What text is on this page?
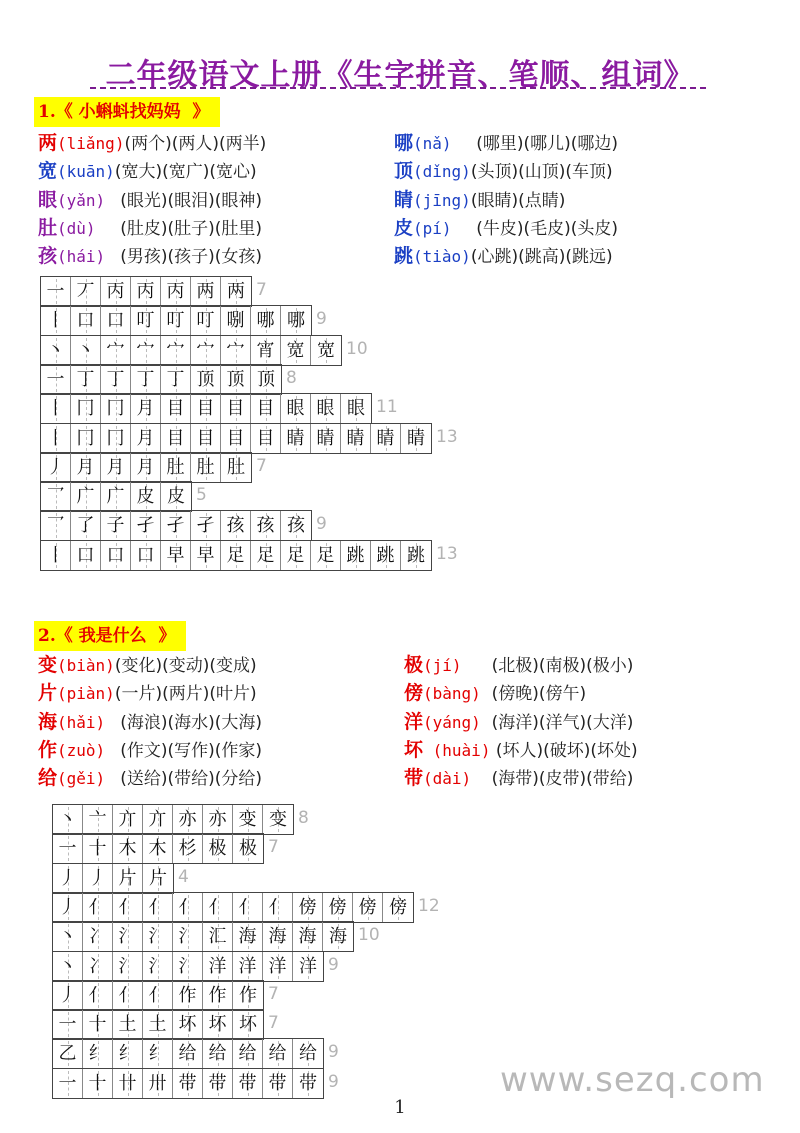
二年级语文上册《生字拼音、笔顺、组词》
1.《 小蝌蚪找妈妈  》
两(liǎng)(两个)(两人)(两半)
宽(kuān)(宽大)(宽广)(宽心)
眼(yǎn)  (眼光)(眼泪)(眼神)
肚(dù)   (肚皮)(肚子)(肚里)
孩(hái)  (男孩)(孩子)(女孩)
哪(nǎ)   (哪里)(哪儿)(哪边)
顶(dǐng)(头顶)(山顶)(车顶)
睛(jīng)(眼睛)(点睛)
皮(pí)   (牛皮)(毛皮)(头皮)
跳(tiào)(心跳)(跳高)(跳远)
一 丆 丙 丙 丙 两 两 7
丨 口 口 叮 叮 叮 哵 哪 哪 9
丶 丶 宀 宀 宀 宀 宀 宵 宽 宽 10
一 丁 丁 丁 丁 顶 顶 顶 8
丨 冂 冂 月 目 目 目 目 眼 眼 眼 11
丨 冂 冂 月 目 目 目 目 睛 睛 睛 睛 睛 13
丿 月 月 月 肚 肚 肚 7
乛 广 广 皮 皮 5
乛 了 子 孑 孑 孑 孩 孩 孩 9
丨 口 口 口 早 早 足 足 足 足 跳 跳 跳 13
2.《 我是什么  》
变(biàn)(变化)(变动)(变成)
片(piàn)(一片)(两片)(叶片)
海(hǎi)  (海浪)(海水)(大海)
作(zuò)  (作文)(写作)(作家)
给(gěi)  (送给)(带给)(分给)
极(jí)    (北极)(南极)(极小)
傍(bàng)  (傍晚)(傍午)
洋(yáng)  (海洋)(洋气)(大洋)
坏 (huài) (坏人)(破坏)(坏处)
带(dài)   (海带)(皮带)(带给)
丶 亠 亣 亣 亦 亦 变 变 8
一 十 木 木 杉 极 极 7
丿 丿 片 片 4
丿 亻 亻 亻 亻 亻 亻 亻 傍 傍 傍 傍 12
丶 冫 氵 氵 氵 汇 海 海 海 海 10
丶 冫 氵 氵 氵 洋 洋 洋 洋 9
丿 亻 亻 亻 作 作 作 7
一 十 土 土 坏 坏 坏 7
乙 纟 纟 纟 给 给 给 给 给 9
一 十 卄 卅 带 带 带 带 带 9	www.sezq.com
1
